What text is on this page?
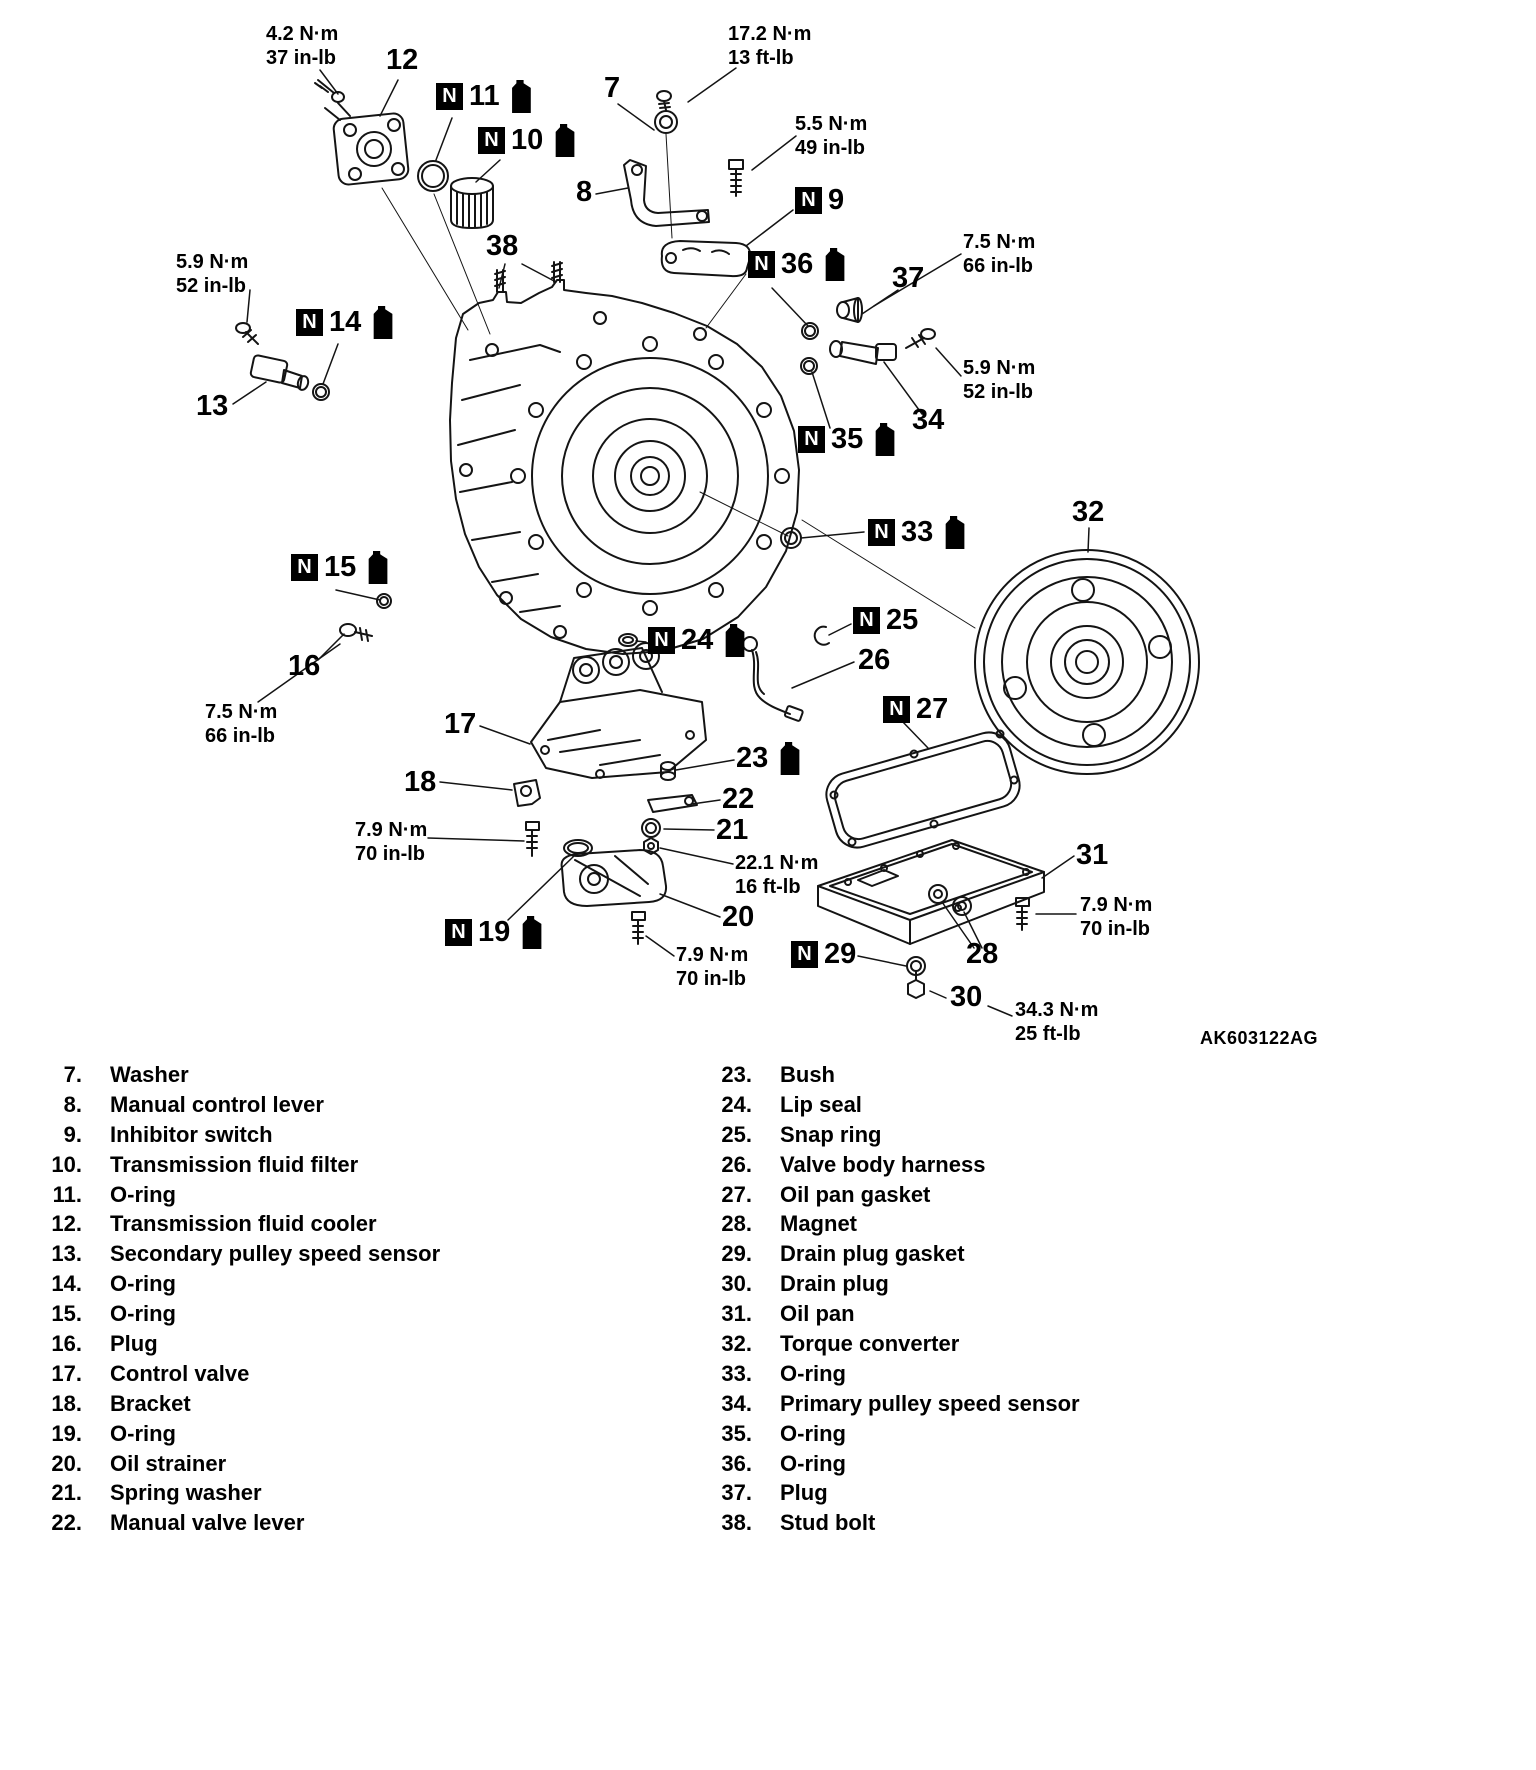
4.2 N·m
37 in-lb
17.2 N·m
13 ft-lb
5.5 N·m
49 in-lb
7.5 N·m
66 in-lb
5.9 N·m
52 in-lb
5.9 N·m
52 in-lb
7.5 N·m
66 in-lb
7.9 N·m
70 in-lb	22.1 N·m
16 ft-lb
7.9 N·m
70 in-lb
7.9 N·m
70 in-lb
34.3 N·m
25 ft-lb
12
7
8
38
13
37
34
32
16	26
17
18
22
21
20
31
28
30
N 11
N 10
N 9
N 36
N 14
N 35
N 33
N 15
N 25
N 24
N 27
23
N 19
N 29
AK603122AG
7. Washer
8. Manual control lever
9. Inhibitor switch
10. Transmission fluid filter
11. O-ring
12. Transmission fluid cooler
13. Secondary pulley speed sensor
14. O-ring
15. O-ring
16. Plug
17. Control valve
18. Bracket
19. O-ring
20. Oil strainer
21. Spring washer
22. Manual valve lever
23. Bush
24. Lip seal
25. Snap ring
26. Valve body harness
27. Oil pan gasket
28. Magnet
29. Drain plug gasket
30. Drain plug
31. Oil pan
32. Torque converter
33. O-ring
34. Primary pulley speed sensor
35. O-ring
36. O-ring
37. Plug
38. Stud bolt
